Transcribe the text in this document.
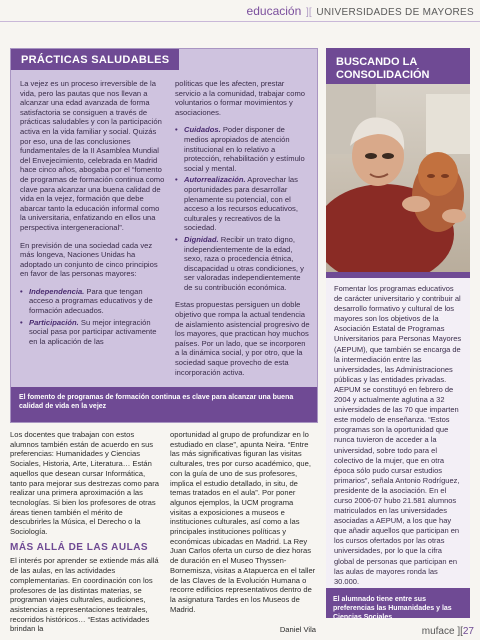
educación ][ UNIVERSIDADES DE MAYORES
PRÁCTICAS SALUDABLES

La vejez es un proceso irreversible de la vida, pero las pautas que nos llevan a alcanzar una edad avanzada de forma satisfactoria se consiguen a través de prácticas saludables y con la participación activa en la vida familiar y social. Quizás por eso, una de las conclusiones fundamentales de la II Asamblea Mundial del Envejecimiento, celebrada en Madrid hace cinco años, abogaba por el “fomento de programas de formación continua como clave para alcanzar una buena calidad de vida en la vejez, formación que debe abarcar tanto la educación informal como la universitaria, enfatizando en ellos una perspectiva intergeneracional”.

En previsión de una sociedad cada vez más longeva, Naciones Unidas ha adoptado un conjunto de cinco principios en favor de las personas mayores:

• Independencia. Para que tengan acceso a programas educativos y de formación adecuados.
• Participación. Su mejor integración social pasa por participar activamente en la aplicación de las

políticas que les afecten, prestar servicio a la comunidad, trabajar como voluntarios o formar movimientos y asociaciones.

• Cuidados. Poder disponer de medios apropiados de atención institucional en lo relativo a protección, rehabilitación y estímulo social y mental.
• Autorrealización. Aprovechar las oportunidades para desarrollar plenamente su potencial, con el acceso a los recursos educativos, culturales y recreativos de la sociedad.
• Dignidad. Recibir un trato digno, independientemente de la edad, sexo, raza o procedencia étnica, discapacidad u otras condiciones, y ser valoradas independientemente de su contribución económica.

Estas propuestas persiguen un doble objetivo que rompa la actual tendencia de aislamiento asistencial progresivo de los mayores, que practican hoy muchos países. Por un lado, que se incorporen a la dinámica social, y por otro, que la sociedad saque provecho de esta incorporación activa.

El fomento de programas de formación continua es clave para alcanzar una buena calidad de vida en la vejez
BUSCANDO LA CONSOLIDACIÓN

Fomentar los programas educativos de carácter universitario y contribuir al desarrollo formativo y cultural de los mayores son los objetivos de la Asociación Estatal de Programas Universitarios para Personas Mayores (AEPUM), que también se encarga de la intermediación entre las universidades, las Administraciones públicas y las entidades privadas. AEPUM se constituyó en febrero de 2004 y actualmente aglutina a 32 universidades de las 70 que imparten este modelo de enseñanza. “Estos programas son la oportunidad que nunca tuvieron de acceder a la universidad, sobre todo para el colectivo de la mujer, que en otra época sólo pudo cursar estudios primarios”, señala Antonio Rodríguez, presidente de la asociación. En el curso 2006-07 hubo 21.581 alumnos matriculados en las universidades asociadas a AEPUM, a los que hay que añadir aquellos que participan en los cursos ofertados por las otras universidades, por lo que la cifra global de personas que participan en las aulas de mayores ronda las 30.000.

El alumnado tiene entre sus preferencias las Humanidades y las Ciencias Sociales

Los docentes que trabajan con estos alumnos también están de acuerdo en sus preferencias: Humanidades y Ciencias Sociales, Historia, Arte, Literatura… Están aquellos que desean cursar Informática, tanto para mejorar sus destrezas como para realizar una primera aproximación a las tecnologías. Si bien los profesores de otras áreas tienen también el mérito de descubrirles la Música, el Derecho o la Sociología.

MÁS ALLÁ DE LAS AULAS

El interés por aprender se extiende más allá de las aulas, en las actividades complementarias. En coordinación con los profesores de las distintas materias, se programan viajes culturales, audiciones, asistencias a representaciones teatrales, recorridos históricos… “Estas actividades brindan la

oportunidad al grupo de profundizar en lo estudiado en clase”, apunta Neira. “Entre las más significativas figuran las visitas culturales, tres por curso académico, que, con la guía de uno de sus profesores, implica el estudio detallado, in situ, de temas tratados en el aula”. Por poner algunos ejemplos, la UCM programa visitas a exposiciones a museos e instituciones culturales, así como a las principales instituciones políticas y económicas ubicadas en Madrid. La Rey Juan Carlos oferta un curso de diez horas de duración en el Museo Thyssen-Bornemisza, visitas a Atapuerca en el taller de las Claves de la Evolución Humana o recorre edificios representativos dentro de la asignatura Tardes en los Museos de Madrid.

Daniel Vila	muface ][27
